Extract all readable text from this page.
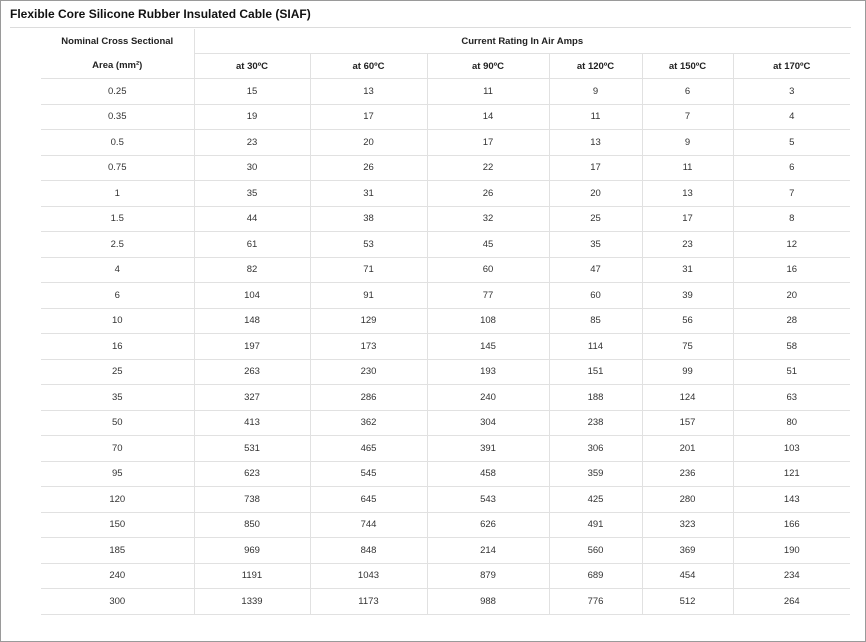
Flexible Core Silicone Rubber Insulated Cable (SIAF)
Nominal Cross Sectional	Current Rating In Air Amps					
Area (mm²)	at 30ºC	at 60ºC	at 90ºC	at 120ºC	at 150ºC	at 170ºC
0.25	15	13	11	9	6	3
0.35	19	17	14	11	7	4
0.5	23	20	17	13	9	5
0.75	30	26	22	17	11	6
1	35	31	26	20	13	7
1.5	44	38	32	25	17	8
2.5	61	53	45	35	23	12
4	82	71	60	47	31	16
6	104	91	77	60	39	20
10	148	129	108	85	56	28
16	197	173	145	114	75	58
25	263	230	193	151	99	51
35	327	286	240	188	124	63
50	413	362	304	238	157	80
70	531	465	391	306	201	103
95	623	545	458	359	236	121
120	738	645	543	425	280	143
150	850	744	626	491	323	166
185	969	848	214	560	369	190
240	1191	1043	879	689	454	234
300	1339	1173	988	776	512	264
